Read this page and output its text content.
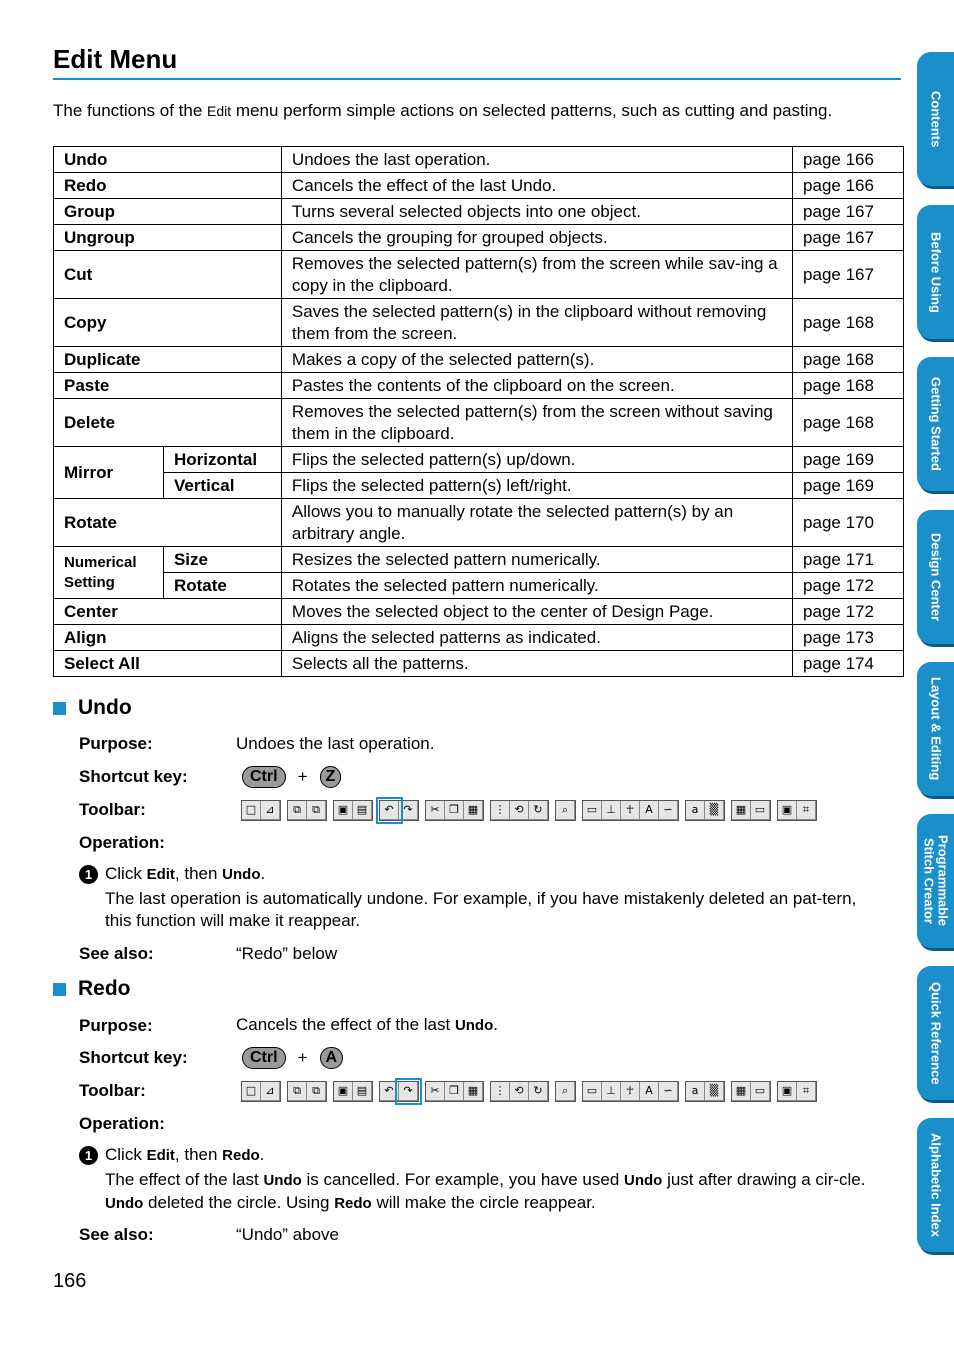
Edit Menu
The functions of the Edit menu perform simple actions on selected patterns, such as cutting and pasting.
Undo		Undoes the last operation.	page 166
Redo		Cancels the effect of the last Undo.	page 166
Group		Turns several selected objects into one object.	page 167
Ungroup		Cancels the grouping for grouped objects.	page 167
Cut		Removes the selected pattern(s) from the screen while sav-ing a copy in the clipboard.	page 167
Copy		Saves the selected pattern(s) in the clipboard without removing them from the screen.	page 168
Duplicate		Makes a copy of the selected pattern(s).	page 168
Paste		Pastes the contents of the clipboard on the screen.	page 168
Delete		Removes the selected pattern(s) from the screen without saving them in the clipboard.	page 168
Mirror	Horizontal	Flips the selected pattern(s) up/down.	page 169
	Vertical	Flips the selected pattern(s) left/right.	page 169
Rotate		Allows you to manually rotate the selected pattern(s) by an arbitrary angle.	page 170
Numerical
Setting	Size	Resizes the selected pattern numerically.	page 171
	Rotate	Rotates the selected pattern numerically.	page 172
Center		Moves the selected object to the center of Design Page.	page 172
Align		Aligns the selected patterns as indicated.	page 173
Select All		Selects all the patterns.	page 174
Undo
Purpose:	Undoes the last operation.
Shortcut key:	Ctrl	+	Z
Toolbar:	□ ⊿	⧉	⧉	▣ ▤	↶ ↷	✂ ❐ ▦	⋮ ⟲ ↻	⌕	▭ ⊥ ☥	A ∽	a	▒	▦ ▭	▣ ⌗
Operation:
1 Click Edit, then Undo.
The last operation is automatically undone. For example, if you have mistakenly deleted an pat-tern, this function will make it reappear.
See also:	“Redo” below
Redo
Purpose:	Cancels the effect of the last Undo.
Shortcut key:	Ctrl	+	A
Toolbar:	□ ⊿	⧉	⧉	▣ ▤	↶ ↷	✂ ❐ ▦	⋮ ⟲ ↻	⌕	▭ ⊥ ☥	A ∽	a	▒	▦ ▭	▣ ⌗
Operation:
1 Click Edit, then Redo.
The effect of the last Undo is cancelled. For example, you have used Undo just after drawing a cir-cle. Undo deleted the circle. Using Redo will make the circle reappear.
See also:	“Undo” above
166
Contents
Before Using
Getting Started
Design Center
Layout & Editing
Programmable
Stitch Creator
Quick Reference
Alphabetic Index
